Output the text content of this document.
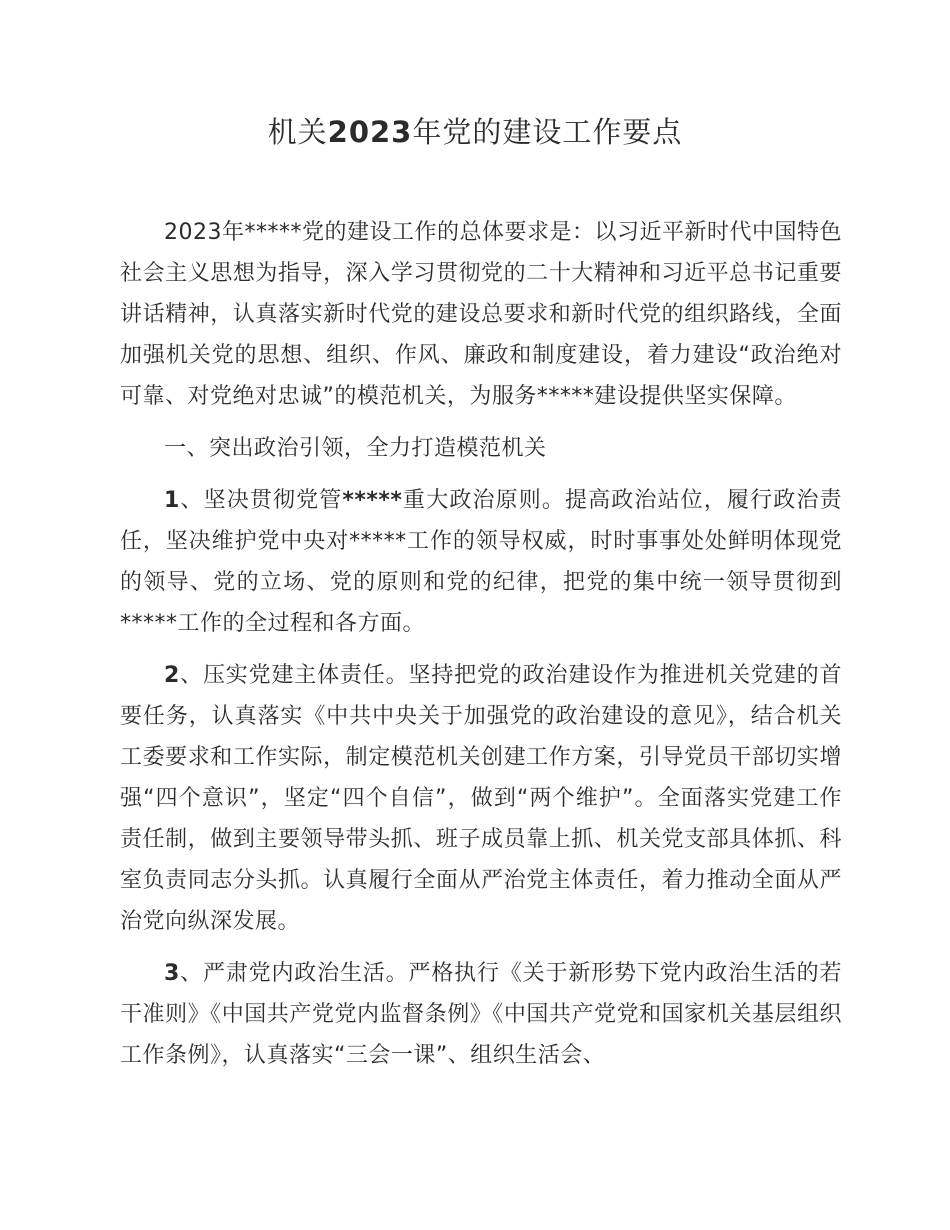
机关2023年党的建设工作要点

2023年*****党的建设工作的总体要求是：以习近平新时代中国特色社会主义思想为指导，深入学习贯彻党的二十大精神和习近平总书记重要讲话精神，认真落实新时代党的建设总要求和新时代党的组织路线，全面加强机关党的思想、组织、作风、廉政和制度建设，着力建设“政治绝对可靠、对党绝对忠诚”的模范机关，为服务*****建设提供坚实保障。

一、突出政治引领，全力打造模范机关

1、坚决贯彻党管*****重大政治原则。提高政治站位，履行政治责任，坚决维护党中央对*****工作的领导权威，时时事事处处鲜明体现党的领导、党的立场、党的原则和党的纪律，把党的集中统一领导贯彻到*****工作的全过程和各方面。

2、压实党建主体责任。坚持把党的政治建设作为推进机关党建的首要任务，认真落实《中共中央关于加强党的政治建设的意见》，结合机关工委要求和工作实际，制定模范机关创建工作方案，引导党员干部切实增强“四个意识”，坚定“四个自信”，做到“两个维护”。全面落实党建工作责任制，做到主要领导带头抓、班子成员靠上抓、机关党支部具体抓、科室负责同志分头抓。认真履行全面从严治党主体责任，着力推动全面从严治党向纵深发展。

3、严肃党内政治生活。严格执行《关于新形势下党内政治生活的若干准则》《中国共产党党内监督条例》《中国共产党党和国家机关基层组织工作条例》，认真落实“三会一课”、组织生活会、
